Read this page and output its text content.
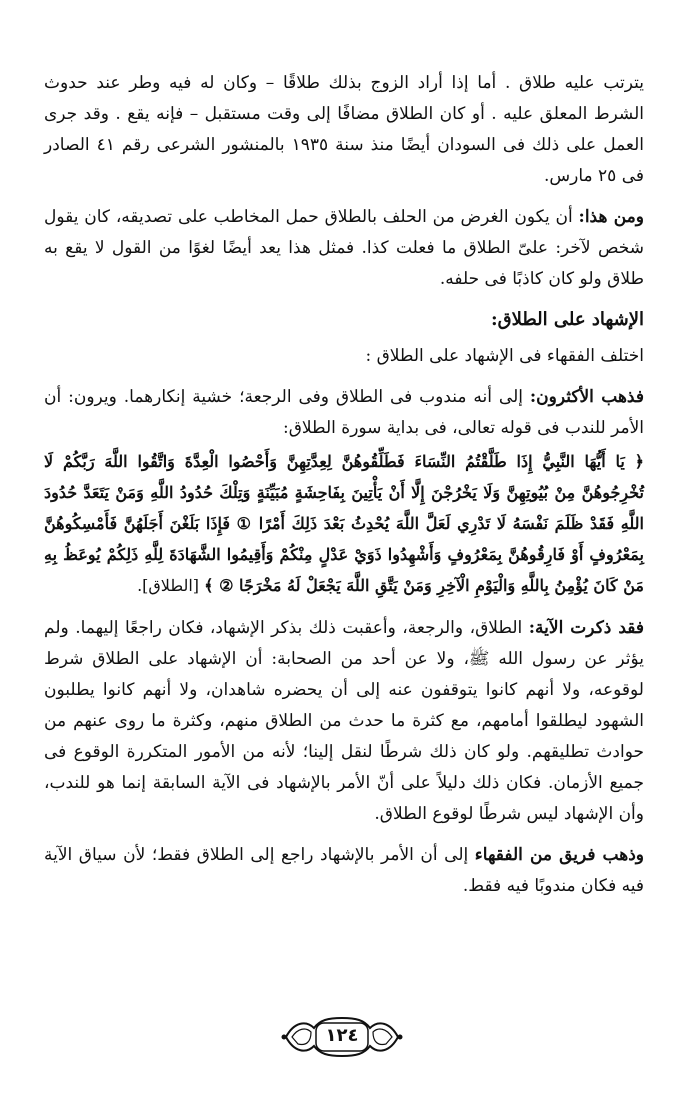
يترتب عليه طلاق . أما إذا أراد الزوج بذلك طلاقًا – وكان له فيه وطر عند حدوث الشرط المعلق عليه . أو كان الطلاق مضافًا إلى وقت مستقبل – فإنه يقع . وقد جرى العمل على ذلك فى السودان أيضًا منذ سنة ١٩٣٥ بالمنشور الشرعى رقم ٤١ الصادر فى ٢٥ مارس.

ومن هذا: أن يكون الغرض من الحلف بالطلاق حمل المخاطب على تصديقه، كان يقول شخص لآخر: علىّ الطلاق ما فعلت كذا. فمثل هذا يعد أيضًا لغوًا من القول لا يقع به طلاق ولو كان كاذبًا فى حلفه.

الإشهاد على الطلاق:

اختلف الفقهاء فى الإشهاد على الطلاق :

فذهب الأكثرون: إلى أنه مندوب فى الطلاق وفى الرجعة؛ خشية إنكارهما. ويرون: أن الأمر للندب فى قوله تعالى، فى بداية سورة الطلاق:

﴿ يَا أَيُّهَا النَّبِيُّ إِذَا طَلَّقْتُمُ النِّسَاءَ فَطَلِّقُوهُنَّ لِعِدَّتِهِنَّ وَأَحْصُوا الْعِدَّةَ وَاتَّقُوا اللَّهَ رَبَّكُمْ لَا تُخْرِجُوهُنَّ مِنْ بُيُوتِهِنَّ وَلَا يَخْرُجْنَ إِلَّا أَنْ يَأْتِينَ بِفَاحِشَةٍ مُبَيِّنَةٍ وَتِلْكَ حُدُودُ اللَّهِ وَمَنْ يَتَعَدَّ حُدُودَ اللَّهِ فَقَدْ ظَلَمَ نَفْسَهُ لَا تَدْرِي لَعَلَّ اللَّهَ يُحْدِثُ بَعْدَ ذَلِكَ أَمْرًا ① فَإِذَا بَلَغْنَ أَجَلَهُنَّ فَأَمْسِكُوهُنَّ بِمَعْرُوفٍ أَوْ فَارِقُوهُنَّ بِمَعْرُوفٍ وَأَشْهِدُوا ذَوَيْ عَدْلٍ مِنْكُمْ وَأَقِيمُوا الشَّهَادَةَ لِلَّهِ ذَلِكُمْ يُوعَظُ بِهِ مَنْ كَانَ يُؤْمِنُ بِاللَّهِ وَالْيَوْمِ الْآخِرِ وَمَنْ يَتَّقِ اللَّهَ يَجْعَلْ لَهُ مَخْرَجًا ② ﴾ [الطلاق].

فقد ذكرت الآية: الطلاق، والرجعة، وأعقبت ذلك بذكر الإشهاد، فكان راجعًا إليهما. ولم يؤثر عن رسول الله ﷺ، ولا عن أحد من الصحابة: أن الإشهاد على الطلاق شرط لوقوعه، ولا أنهم كانوا يتوقفون عنه إلى أن يحضره شاهدان، ولا أنهم كانوا يطلبون الشهود ليطلقوا أمامهم، مع كثرة ما حدث من الطلاق منهم، وكثرة ما روى عنهم من حوادث تطليقهم. ولو كان ذلك شرطًا لنقل إلينا؛ لأنه من الأمور المتكررة الوقوع فى جميع الأزمان. فكان ذلك دليلاً على أنّ الأمر بالإشهاد فى الآية السابقة إنما هو للندب، وأن الإشهاد ليس شرطًا لوقوع الطلاق.

وذهب فريق من الفقهاء إلى أن الأمر بالإشهاد راجع إلى الطلاق فقط؛ لأن سياق الآية فيه فكان مندوبًا فيه فقط.

١٢٤
